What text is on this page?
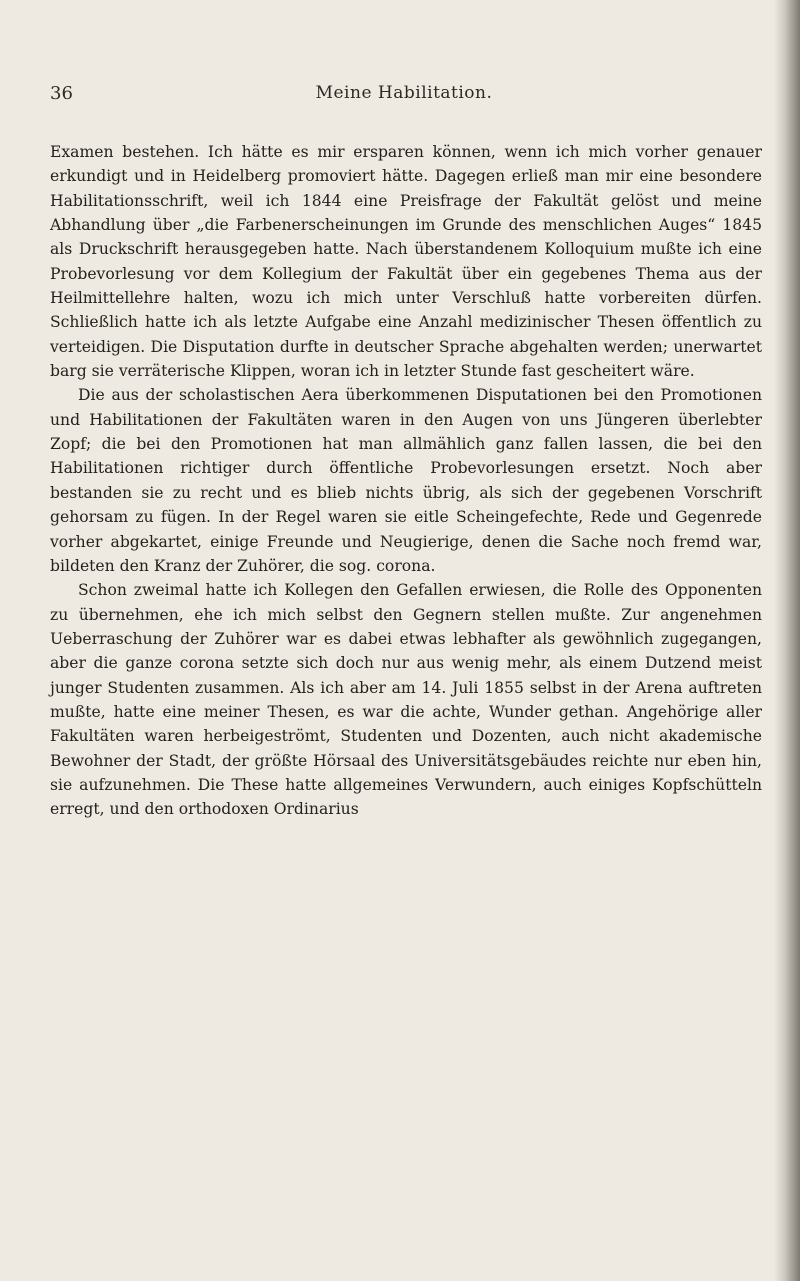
36	Meine Habilitation.

Examen bestehen. Ich hätte es mir ersparen können, wenn ich mich vorher genauer erkundigt und in Heidelberg promoviert hätte. Dagegen erließ man mir eine besondere Habilitationsschrift, weil ich 1844 eine Preisfrage der Fakultät gelöst und meine Abhandlung über „die Farbenerscheinungen im Grunde des menschlichen Auges“ 1845 als Druckschrift herausgegeben hatte. Nach überstandenem Kolloquium mußte ich eine Probevorlesung vor dem Kollegium der Fakultät über ein gegebenes Thema aus der Heilmittellehre halten, wozu ich mich unter Verschluß hatte vorbereiten dürfen. Schließlich hatte ich als letzte Aufgabe eine Anzahl medizinischer Thesen öffentlich zu verteidigen. Die Disputation durfte in deutscher Sprache abgehalten werden; unerwartet barg sie verräterische Klippen, woran ich in letzter Stunde fast gescheitert wäre.

Die aus der scholastischen Aera überkommenen Disputationen bei den Promotionen und Habilitationen der Fakultäten waren in den Augen von uns Jüngeren überlebter Zopf; die bei den Promotionen hat man allmählich ganz fallen lassen, die bei den Habilitationen richtiger durch öffentliche Probevorlesungen ersetzt. Noch aber bestanden sie zu recht und es blieb nichts übrig, als sich der gegebenen Vorschrift gehorsam zu fügen. In der Regel waren sie eitle Scheingefechte, Rede und Gegenrede vorher abgekartet, einige Freunde und Neugierige, denen die Sache noch fremd war, bildeten den Kranz der Zuhörer, die sog. corona.

Schon zweimal hatte ich Kollegen den Gefallen erwiesen, die Rolle des Opponenten zu übernehmen, ehe ich mich selbst den Gegnern stellen mußte. Zur angenehmen Ueberraschung der Zuhörer war es dabei etwas lebhafter als gewöhnlich zugegangen, aber die ganze corona setzte sich doch nur aus wenig mehr, als einem Dutzend meist junger Studenten zusammen. Als ich aber am 14. Juli 1855 selbst in der Arena auftreten mußte, hatte eine meiner Thesen, es war die achte, Wunder gethan. Angehörige aller Fakultäten waren herbeigeströmt, Studenten und Dozenten, auch nicht akademische Bewohner der Stadt, der größte Hörsaal des Universitätsgebäudes reichte nur eben hin, sie aufzunehmen. Die These hatte allgemeines Verwundern, auch einiges Kopfschütteln erregt, und den orthodoxen Ordinarius
